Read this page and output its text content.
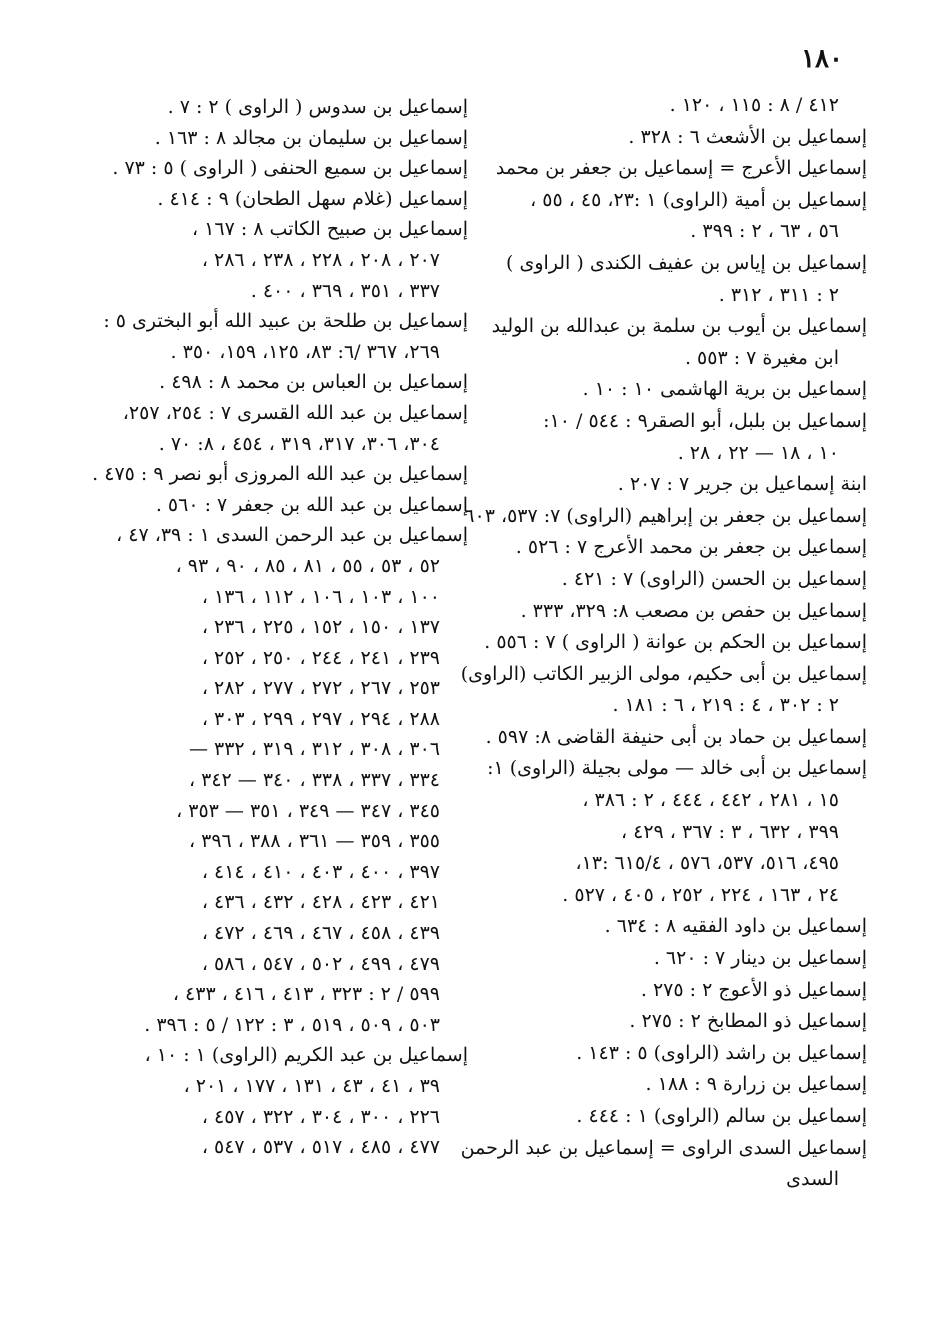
١٨٠
٤١٢ / ٨ : ١١٥ ، ١٢٠ .
إسماعيل بن الأشعث ٦ : ٣٢٨ .
إسماعيل الأعرج = إسماعيل بن جعفر بن محمد
إسماعيل بن أمية (الراوى) ١ :٢٣، ٤٥ ، ٥٥ ،
٥٦ ، ٦٣ ، ٢ : ٣٩٩ .
إسماعيل بن إياس بن عفيف الكندى ( الراوى )
٢ : ٣١١ ، ٣١٢ .
إسماعيل بن أيوب بن سلمة بن عبدالله بن الوليد
ابن مغيرة ٧ : ٥٥٣ .
إسماعيل بن برية الهاشمى ١٠ : ١٠ .
إسماعيل بن بلبل، أبو الصقر٩ : ٥٤٤ / ١٠:
١٠ ، ١٨ — ٢٢ ، ٢٨ .
ابنة إسماعيل بن جرير ٧ : ٢٠٧ .
إسماعيل بن جعفر بن إبراهيم (الراوى) ٧: ٥٣٧، ٦٠٣
إسماعيل بن جعفر بن محمد الأعرج ٧ : ٥٢٦ .
إسماعيل بن الحسن (الراوى) ٧ : ٤٢١ .
إسماعيل بن حفص بن مصعب ٨: ٣٢٩، ٣٣٣ .
إسماعيل بن الحكم بن عوانة ( الراوى ) ٧ : ٥٥٦ .
إسماعيل بن أبى حكيم، مولى الزبير الكاتب (الراوى)
٢ : ٣٠٢ ، ٤ : ٢١٩ ، ٦ : ١٨١ .
إسماعيل بن حماد بن أبى حنيفة القاضى ٨: ٥٩٧ .
إسماعيل بن أبى خالد — مولى بجيلة (الراوى) ١:
١٥ ، ٢٨١ ، ٤٤٢ ، ٤٤٤ ، ٢ : ٣٨٦ ،
٣٩٩ ، ٦٣٢ ، ٣ : ٣٦٧ ، ٤٢٩ ،
٤٩٥، ٥١٦، ٥٣٧، ٥٧٦ ، ٦١٥/٤ :١٣،
٢٤ ، ١٦٣ ، ٢٢٤ ، ٢٥٢ ، ٤٠٥ ، ٥٢٧ .
إسماعيل بن داود الفقيه ٨ : ٦٣٤ .
إسماعيل بن دينار ٧ : ٦٢٠ .
إسماعيل ذو الأعوج ٢ : ٢٧٥ .
إسماعيل ذو المطابخ ٢ : ٢٧٥ .
إسماعيل بن راشد (الراوى) ٥ : ١٤٣ .
إسماعيل بن زرارة ٩ : ١٨٨ .
إسماعيل بن سالم (الراوى) ١ : ٤٤٤ .
إسماعيل السدى الراوى = إسماعيل بن عبد الرحمن
السدى
إسماعيل بن سدوس ( الراوى ) ٢ : ٧ .
إسماعيل بن سليمان بن مجالد ٨ : ١٦٣ .
إسماعيل بن سميع الحنفى ( الراوى ) ٥ : ٧٣ .
إسماعيل (غلام سهل الطحان) ٩ : ٤١٤ .
إسماعيل بن صبيح الكاتب ٨ : ١٦٧ ،
٢٠٧ ، ٢٠٨ ، ٢٢٨ ، ٢٣٨ ، ٢٨٦ ،
٣٣٧ ، ٣٥١ ، ٣٦٩ ، ٤٠٠ .
إسماعيل بن طلحة بن عبيد الله أبو البخترى ٥ :
٢٦٩، ٣٦٧ /٦: ٨٣، ١٢٥، ١٥٩، ٣٥٠ .
إسماعيل بن العباس بن محمد ٨ : ٤٩٨ .
إسماعيل بن عبد الله القسرى ٧ : ٢٥٤، ٢٥٧،
٣٠٤، ٣٠٦، ٣١٧، ٣١٩ ، ٤٥٤ ، ٨: ٧٠ .
إسماعيل بن عبد الله المروزى أبو نصر ٩ : ٤٧٥ .
إسماعيل بن عبد الله بن جعفر ٧ : ٥٦٠ .
إسماعيل بن عبد الرحمن السدى ١ : ٣٩، ٤٧ ،
٥٢ ، ٥٣ ، ٥٥ ، ٨١ ، ٨٥ ، ٩٠ ، ٩٣ ،
١٠٠ ، ١٠٣ ، ١٠٦ ، ١١٢ ، ١٣٦ ،
١٣٧ ، ١٥٠ ، ١٥٢ ، ٢٢٥ ، ٢٣٦ ،
٢٣٩ ، ٢٤١ ، ٢٤٤ ، ٢٥٠ ، ٢٥٢ ،
٢٥٣ ، ٢٦٧ ، ٢٧٢ ، ٢٧٧ ، ٢٨٢ ،
٢٨٨ ، ٢٩٤ ، ٢٩٧ ، ٢٩٩ ، ٣٠٣ ،
٣٠٦ ، ٣٠٨ ، ٣١٢ ، ٣١٩ ، ٣٣٢ —
٣٣٤ ، ٣٣٧ ، ٣٣٨ ، ٣٤٠ — ٣٤٢ ،
٣٤٥ ، ٣٤٧ — ٣٤٩ ، ٣٥١ — ٣٥٣ ،
٣٥٥ ، ٣٥٩ — ٣٦١ ، ٣٨٨ ، ٣٩٦ ،
٣٩٧ ، ٤٠٠ ، ٤٠٣ ، ٤١٠ ، ٤١٤ ،
٤٢١ ، ٤٢٣ ، ٤٢٨ ، ٤٣٢ ، ٤٣٦ ،
٤٣٩ ، ٤٥٨ ، ٤٦٧ ، ٤٦٩ ، ٤٧٢ ،
٤٧٩ ، ٤٩٩ ، ٥٠٢ ، ٥٤٧ ، ٥٨٦ ،
٥٩٩ / ٢ : ٣٢٣ ، ٤١٣ ، ٤١٦ ، ٤٣٣ ،
٥٠٣ ، ٥٠٩ ، ٥١٩ ، ٣ : ١٢٢ / ٥ : ٣٩٦ .
إسماعيل بن عبد الكريم (الراوى) ١ : ١٠ ،
٣٩ ، ٤١ ، ٤٣ ، ١٣١ ، ١٧٧ ، ٢٠١ ،
٢٢٦ ، ٣٠٠ ، ٣٠٤ ، ٣٢٢ ، ٤٥٧ ،
٤٧٧ ، ٤٨٥ ، ٥١٧ ، ٥٣٧ ، ٥٤٧ ،
